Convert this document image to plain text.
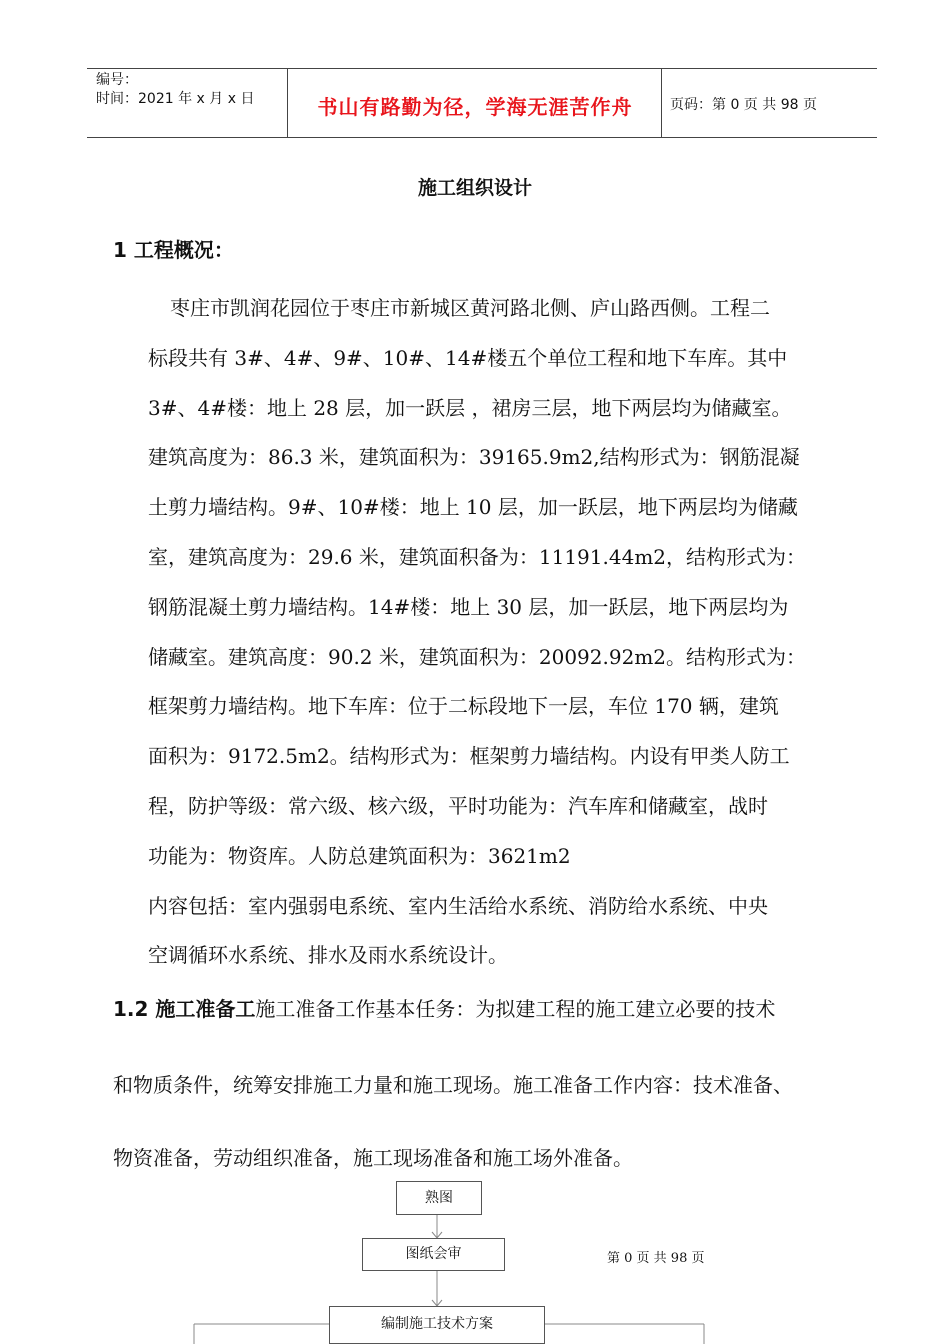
编号：
时间：2021 年 x 月 x 日	书山有路勤为径，学海无涯苦作舟	页码：第 0 页 共 98 页
施工组织设计
1 工程概况：

枣庄市凯润花园位于枣庄市新城区黄河路北侧、庐山路西侧。工程二

标段共有 3#、4#、9#、10#、14#楼五个单位工程和地下车库。其中

3#、4#楼：地上 28 层，加一跃层 ，裙房三层，地下两层均为储藏室。

建筑高度为：86.3 米，建筑面积为：39165.9m2,结构形式为：钢筋混凝

土剪力墙结构。9#、10#楼：地上 10 层，加一跃层，地下两层均为储藏

室，建筑高度为：29.6 米，建筑面积备为：11191.44m2，结构形式为：

钢筋混凝土剪力墙结构。14#楼：地上 30 层，加一跃层，地下两层均为

储藏室。建筑高度：90.2 米，建筑面积为：20092.92m2。结构形式为：

框架剪力墙结构。地下车库：位于二标段地下一层，车位 170 辆，建筑

面积为：9172.5m2。结构形式为：框架剪力墙结构。内设有甲类人防工

程，防护等级：常六级、核六级，平时功能为：汽车库和储藏室，战时

功能为：物资库。人防总建筑面积为：3621m2

内容包括：室内强弱电系统、室内生活给水系统、消防给水系统、中央

空调循环水系统、排水及雨水系统设计。

1.2 施工准备工施工准备工作基本任务：为拟建工程的施工建立必要的技术
和物质条件，统筹安排施工力量和施工现场。施工准备工作内容：技术准备、
物资准备，劳动组织准备，施工现场准备和施工场外准备。
熟图
图纸会审
编制施工技术方案
第 0 页 共 98 页
